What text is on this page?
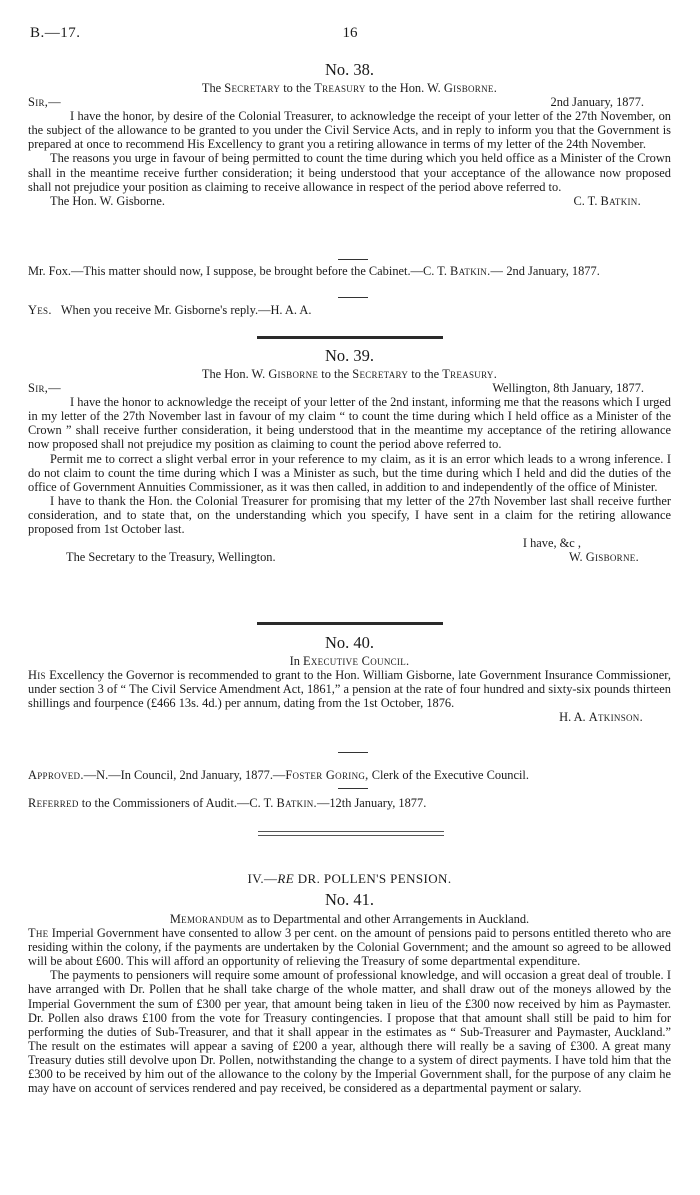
B.—17.	16
No. 38.
The Secretary to the Treasury to the Hon. W. Gisborne.
Sir,—	2nd January, 1877.

I have the honor, by desire of the Colonial Treasurer, to acknowledge the receipt of your letter of the 27th November, on the subject of the allowance to be granted to you under the Civil Service Acts, and in reply to inform you that the Government is prepared at once to recommend His Excellency to grant you a retiring allowance in terms of my letter of the 24th November.

The reasons you urge in favour of being permitted to count the time during which you held office as a Minister of the Crown shall in the meantime receive further consideration; it being understood that your acceptance of the allowance now proposed shall not prejudice your position as claiming to receive allowance in respect of the period above referred to.

The Hon. W. Gisborne.	C. T. Batkin.

Mr. Fox.—This matter should now, I suppose, be brought before the Cabinet.—C. T. Batkin.— 2nd January, 1877.

Yes. When you receive Mr. Gisborne's reply.—H. A. A.
No. 39.
The Hon. W. Gisborne to the Secretary to the Treasury.
Sir,—	Wellington, 8th January, 1877.

I have the honor to acknowledge the receipt of your letter of the 2nd instant, informing me that the reasons which I urged in my letter of the 27th November last in favour of my claim “ to count the time during which I held office as a Minister of the Crown ” shall receive further consideration, it being understood that in the meantime my acceptance of the retiring allowance now proposed shall not prejudice my position as claiming to count the period above referred to.

Permit me to correct a slight verbal error in your reference to my claim, as it is an error which leads to a wrong inference. I do not claim to count the time during which I was a Minister as such, but the time during which I held and did the duties of the office of Government Annuities Commissioner, as it was then called, in addition to and independently of the office of Minister.

I have to thank the Hon. the Colonial Treasurer for promising that my letter of the 27th November last shall receive further consideration, and to state that, on the understanding which you specify, I have sent in a claim for the retiring allowance proposed from 1st October last.

I have, &c ,
The Secretary to the Treasury, Wellington.	W. Gisborne.
No. 40.
In Executive Council.

His Excellency the Governor is recommended to grant to the Hon. William Gisborne, late Government Insurance Commissioner, under section 3 of “ The Civil Service Amendment Act, 1861,” a pension at the rate of four hundred and sixty-six pounds thirteen shillings and fourpence (£466 13s. 4d.) per annum, dating from the 1st October, 1876.

H. A. Atkinson.
Approved.—N.—In Council, 2nd January, 1877.—Foster Goring, Clerk of the Executive Council.
Referred to the Commissioners of Audit.—C. T. Batkin.—12th January, 1877.
IV.—RE DR. POLLEN'S PENSION.
No. 41.
Memorandum as to Departmental and other Arrangements in Auckland.

The Imperial Government have consented to allow 3 per cent. on the amount of pensions paid to persons entitled thereto who are residing within the colony, if the payments are undertaken by the Colonial Government; and the amount so agreed to be allowed will be about £600. This will afford an opportunity of relieving the Treasury of some departmental expenditure.

The payments to pensioners will require some amount of professional knowledge, and will occasion a great deal of trouble. I have arranged with Dr. Pollen that he shall take charge of the whole matter, and shall draw out of the moneys allowed by the Imperial Government the sum of £300 per year, that amount being taken in lieu of the £300 now received by him as Paymaster. Dr. Pollen also draws £100 from the vote for Treasury contingencies. I propose that that amount shall still be paid to him for performing the duties of Sub-Treasurer, and that it shall appear in the estimates as “ Sub-Treasurer and Paymaster, Auckland.” The result on the estimates will appear a saving of £200 a year, although there will really be a saving of £300. A great many Treasury duties still devolve upon Dr. Pollen, notwithstanding the change to a system of direct payments. I have told him that the £300 to be received by him out of the allowance to the colony by the Imperial Government shall, for the purpose of any claim he may have on account of services rendered and pay received, be considered as a departmental payment or salary.
